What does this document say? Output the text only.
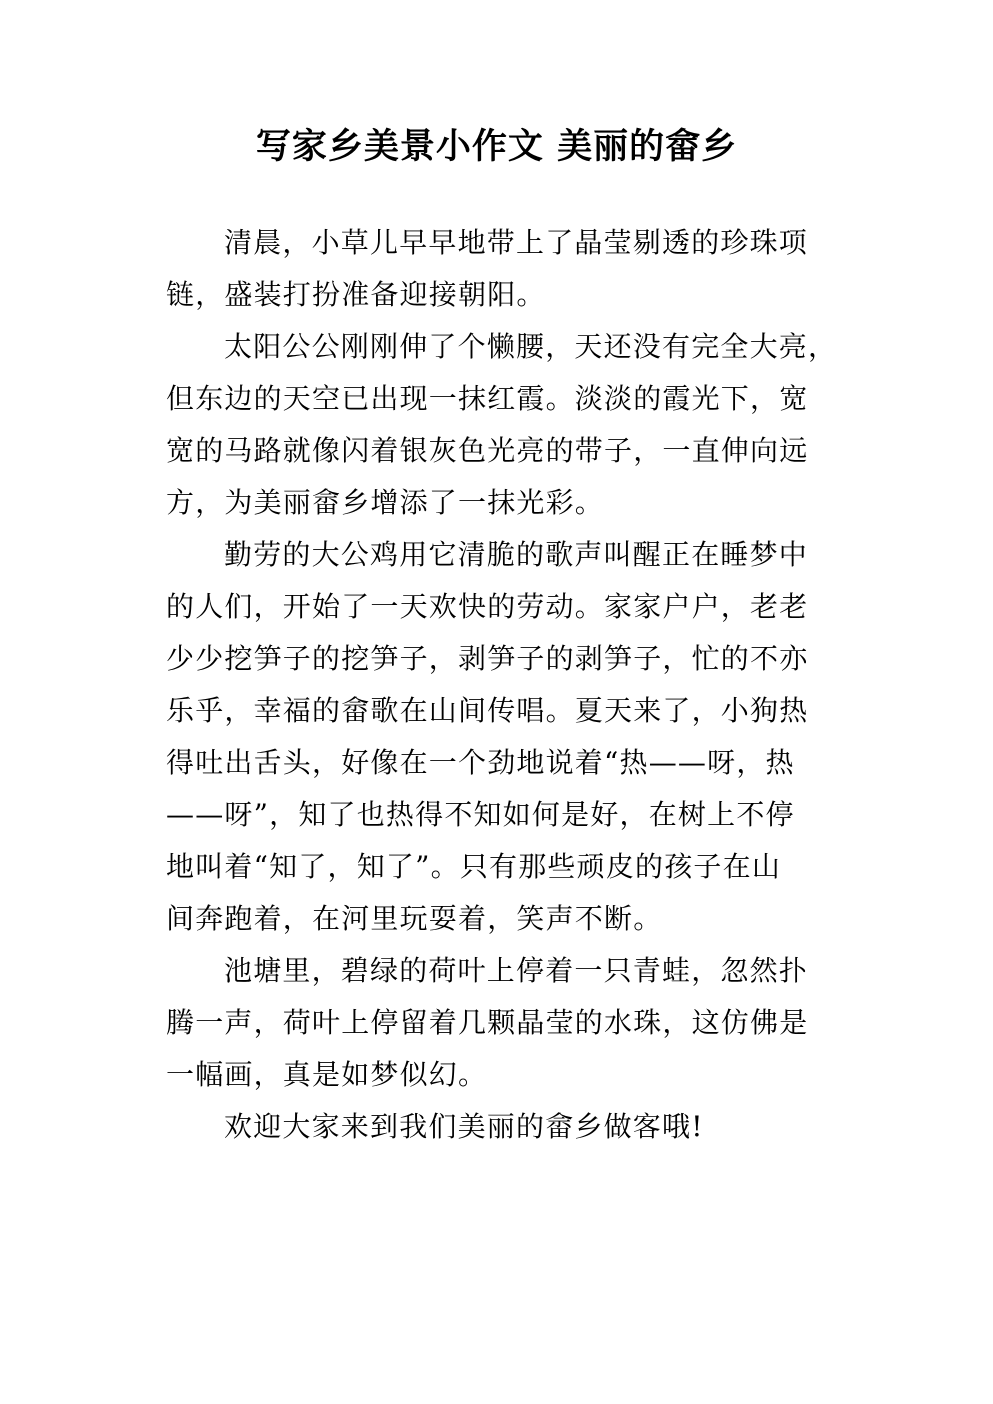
写家乡美景小作文 美丽的畲乡
清晨，小草儿早早地带上了晶莹剔透的珍珠项
链，盛装打扮准备迎接朝阳。
太阳公公刚刚伸了个懒腰，天还没有完全大亮，
但东边的天空已出现一抹红霞。淡淡的霞光下，宽
宽的马路就像闪着银灰色光亮的带子，一直伸向远
方，为美丽畲乡增添了一抹光彩。
勤劳的大公鸡用它清脆的歌声叫醒正在睡梦中
的人们，开始了一天欢快的劳动。家家户户，老老
少少挖笋子的挖笋子，剥笋子的剥笋子，忙的不亦
乐乎，幸福的畲歌在山间传唱。夏天来了，小狗热
得吐出舌头，好像在一个劲地说着“热——呀，热
——呀”，知了也热得不知如何是好，在树上不停
地叫着“知了，知了”。只有那些顽皮的孩子在山
间奔跑着，在河里玩耍着，笑声不断。
池塘里，碧绿的荷叶上停着一只青蛙，忽然扑
腾一声，荷叶上停留着几颗晶莹的水珠，这仿佛是
一幅画，真是如梦似幻。
欢迎大家来到我们美丽的畲乡做客哦!
